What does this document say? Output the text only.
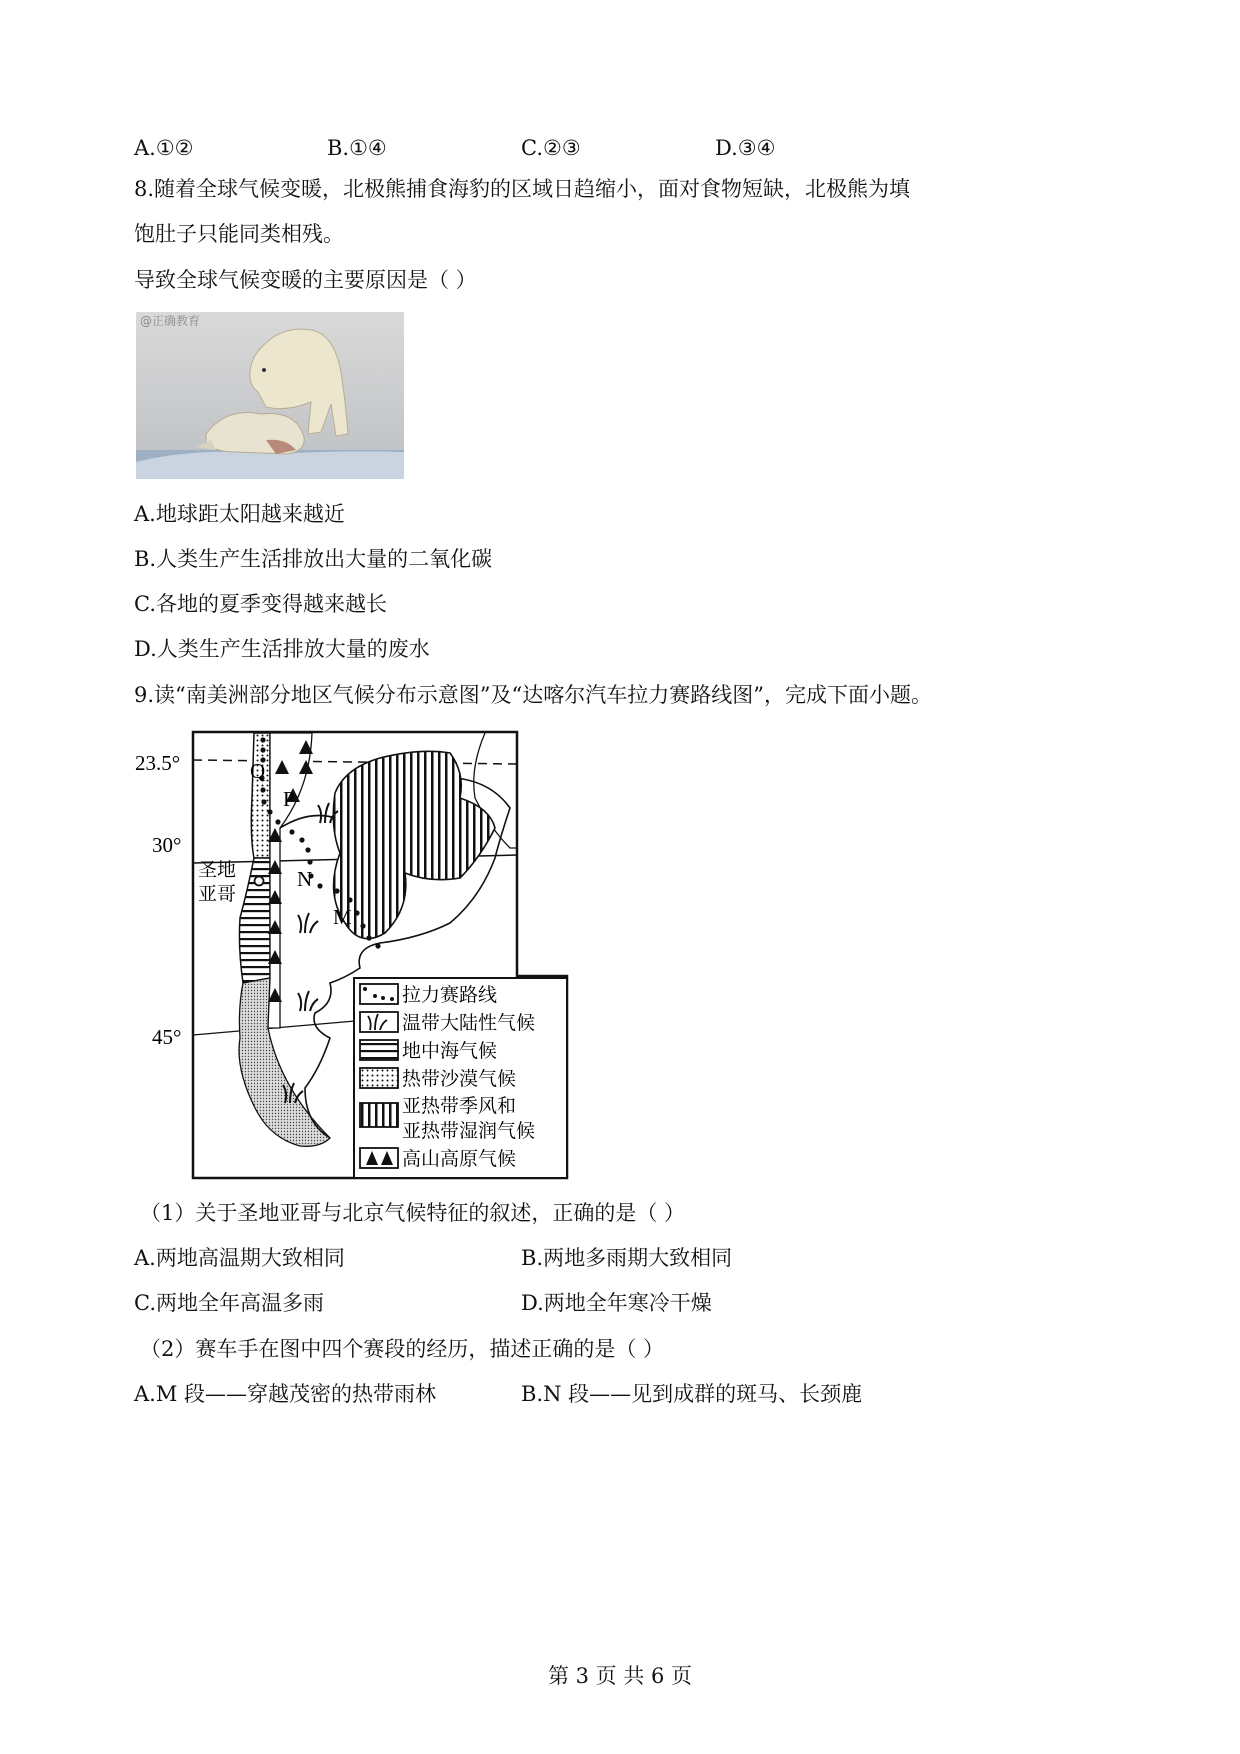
A.①②	B.①④	C.②③	D.③④
8.随着全球气候变暖，北极熊捕食海豹的区域日趋缩小，面对食物短缺，北极熊为填
饱肚子只能同类相残。
导致全球气候变暖的主要原因是（ ）
@正确教育
A.地球距太阳越来越近
B.人类生产生活排放出大量的二氧化碳
C.各地的夏季变得越来越长
D.人类生产生活排放大量的废水
9.读“南美洲部分地区气候分布示意图”及“达喀尔汽车拉力赛路线图”，完成下面小题。
23.5°
30°
45°
Q
P
N
M
圣地
亚哥
拉力赛路线
温带大陆性气候
地中海气候
热带沙漠气候
亚热带季风和
亚热带湿润气候
高山高原气候
（1）关于圣地亚哥与北京气候特征的叙述，正确的是（ ）
A.两地高温期大致相同	B.两地多雨期大致相同
C.两地全年高温多雨	D.两地全年寒冷干燥
（2）赛车手在图中四个赛段的经历，描述正确的是（ ）
A.M 段——穿越茂密的热带雨林	B.N 段——见到成群的斑马、长颈鹿
第 3 页 共 6 页
